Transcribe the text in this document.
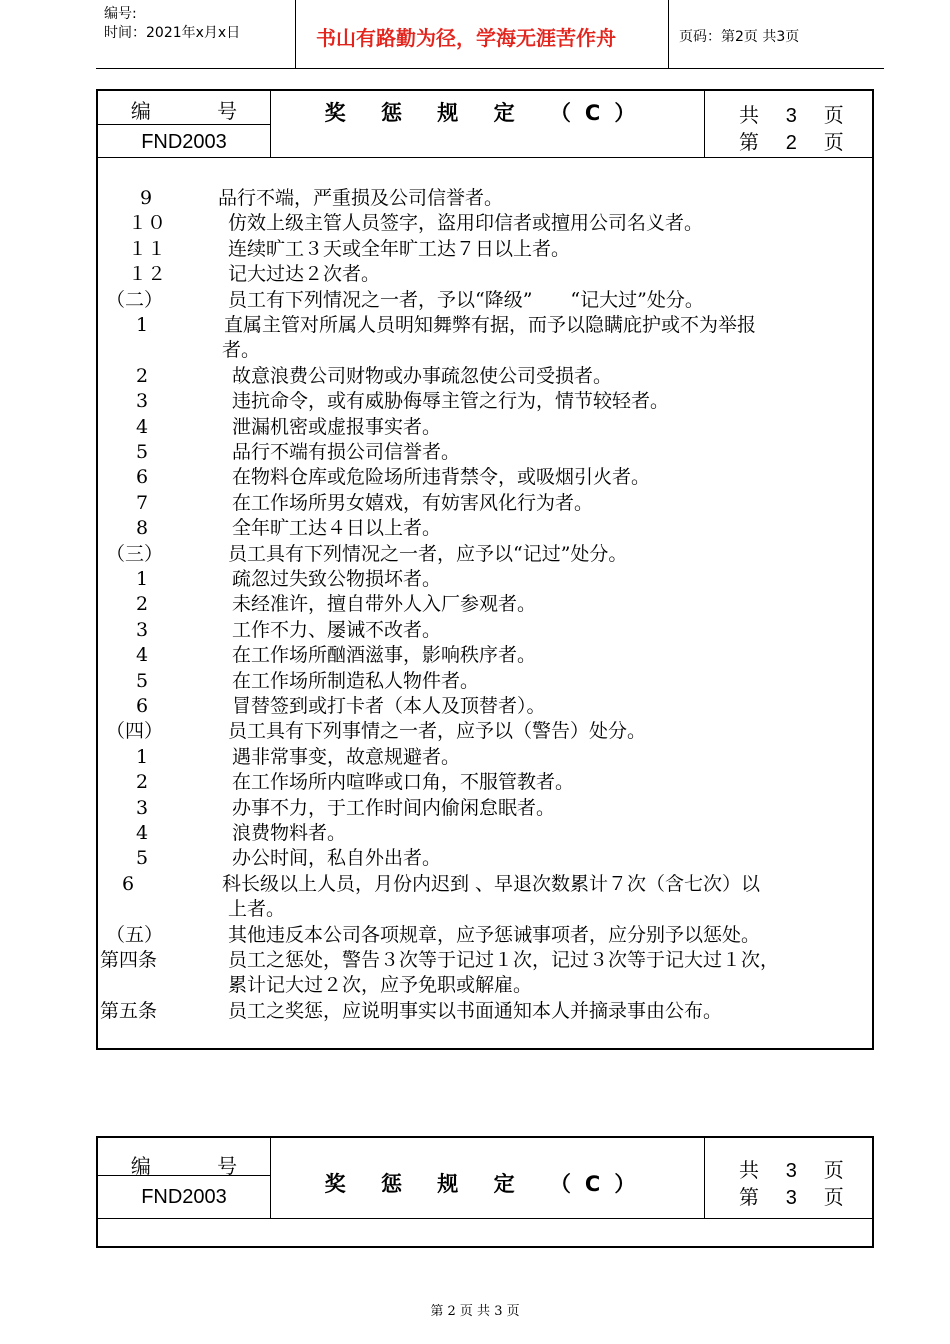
编号:
时间：2021年x月x日	书山有路勤为径，学海无涯苦作舟	页码：第2页 共3页
编 号
FND2003
奖 惩 规 定 （C）	共 3 页
第 2 页
9	品行不端，严重损及公司信誉者。
１０	仿效上级主管人员签字，盗用印信者或擅用公司名义者。
１１	连续旷工３天或全年旷工达７日以上者。
１２	记大过达２次者。
（二）	员工有下列情况之一者，予以“降级”　　“记大过”处分。
1	直属主管对所属人员明知舞弊有据，而予以隐瞒庇护或不为举报
者。
2	故意浪费公司财物或办事疏忽使公司受损者。
3	违抗命令，或有威胁侮辱主管之行为，情节较轻者。
4	泄漏机密或虚报事实者。
5	品行不端有损公司信誉者。
6	在物料仓库或危险场所违背禁令，或吸烟引火者。
7	在工作场所男女嬉戏，有妨害风化行为者。
8	全年旷工达４日以上者。
（三）	员工具有下列情况之一者，应予以“记过”处分。
1	疏忽过失致公物损坏者。
2	未经准许，擅自带外人入厂参观者。
3	工作不力、屡诫不改者。
4	在工作场所酗酒滋事，影响秩序者。
5	在工作场所制造私人物件者。
6	冒替签到或打卡者（本人及顶替者）。
（四）	员工具有下列事情之一者，应予以（警告）处分。
1	遇非常事变，故意规避者。
2	在工作场所内喧哗或口角，不服管教者。
3	办事不力，于工作时间内偷闲怠眠者。
4	浪费物料者。
5	办公时间，私自外出者。
6	科长级以上人员，月份内迟到 、早退次数累计７次（含七次）以
上者。
（五）	其他违反本公司各项规章，应予惩诫事项者，应分别予以惩处。
第四条	员工之惩处，警告３次等于记过１次，记过３次等于记大过１次，
累计记大过２次，应予免职或解雇。
第五条	员工之奖惩，应说明事实以书面通知本人并摘录事由公布。
编 号
FND2003
奖 惩 规 定 （C）
共 3 页
第 3 页
第 2 页 共 3 页
